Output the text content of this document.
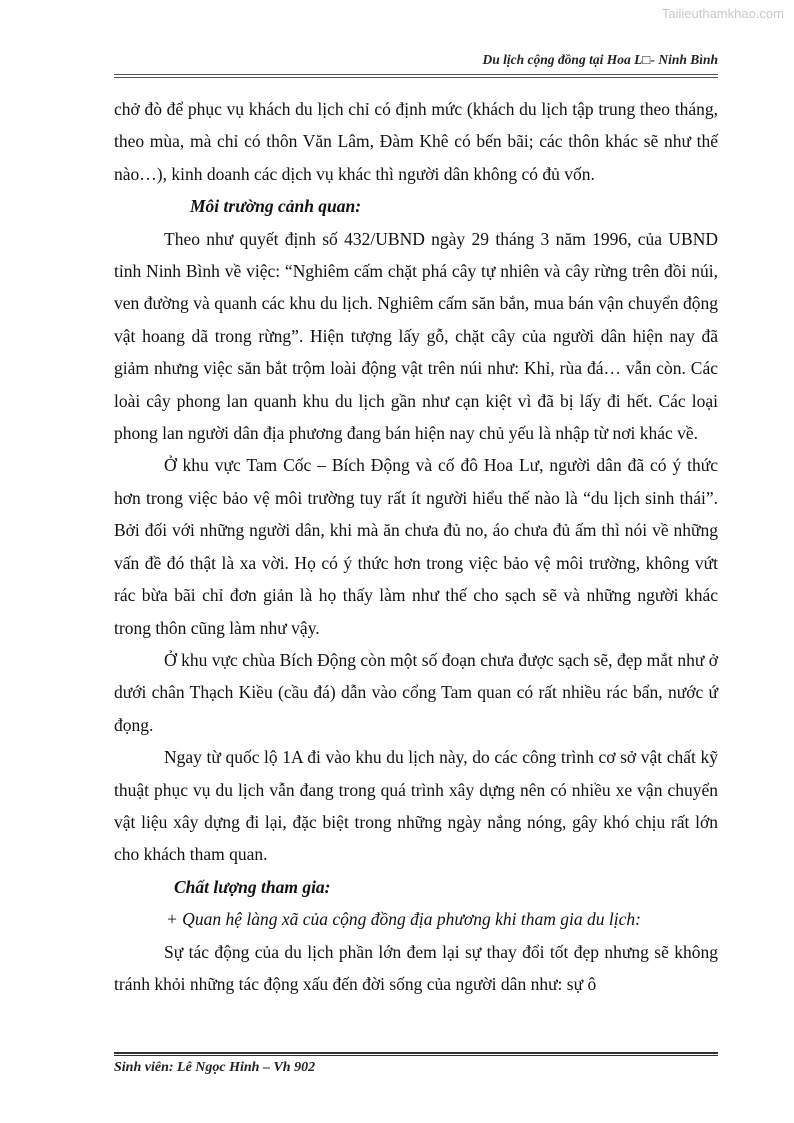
Tailieuthamkhao.com
Du lịch cộng đồng tại Hoa L□- Ninh Bình

chở đò để phục vụ khách du lịch chỉ có định mức (khách du lịch tập trung theo tháng, theo mùa, mà chỉ có thôn Văn Lâm, Đàm Khê có bến bãi; các thôn khác sẽ như thế nào…), kinh doanh các dịch vụ khác thì người dân không có đủ vốn.

Môi trường cảnh quan:

Theo như quyết định số 432/UBND ngày 29 tháng 3 năm 1996, của UBND tỉnh Ninh Bình về việc: “Nghiêm cấm chặt phá cây tự nhiên và cây rừng trên đồi núi, ven đường và quanh các khu du lịch. Nghiêm cấm săn bắn, mua bán vận chuyển động vật hoang dã trong rừng”. Hiện tượng lấy gỗ, chặt cây của người dân hiện nay đã giảm nhưng việc săn bắt trộm loài động vật trên núi như: Khỉ, rùa đá… vẫn còn. Các loài cây phong lan quanh khu du lịch gần như cạn kiệt vì đã bị lấy đi hết. Các loại phong lan người dân địa phương đang bán hiện nay chủ yếu là nhập từ nơi khác về.

Ở khu vực Tam Cốc – Bích Động và cố đô Hoa Lư, người dân đã có ý thức hơn trong việc bảo vệ môi trường tuy rất ít người hiểu thế nào là “du lịch sinh thái”. Bởi đối với những người dân, khi mà ăn chưa đủ no, áo chưa đủ ấm thì nói về những vấn đề đó thật là xa vời. Họ có ý thức hơn trong việc bảo vệ môi trường, không vứt rác bừa bãi chỉ đơn giản là họ thấy làm như thế cho sạch sẽ và những người khác trong thôn cũng làm như vậy.

Ở khu vực chùa Bích Động còn một số đoạn chưa được sạch sẽ, đẹp mắt như ở dưới chân Thạch Kiều (cầu đá) dẫn vào cổng Tam quan có rất nhiều rác bẩn, nước ứ đọng.

Ngay từ quốc lộ 1A đi vào khu du lịch này, do các công trình cơ sở vật chất kỹ thuật phục vụ du lịch vẫn đang trong quá trình xây dựng nên có nhiều xe vận chuyển vật liệu xây dựng đi lại, đặc biệt trong những ngày nắng nóng, gây khó chịu rất lớn cho khách tham quan.

Chất lượng tham gia:

+ Quan hệ làng xã của cộng đồng địa phương khi tham gia du lịch:

Sự tác động của du lịch phần lớn đem lại sự thay đổi tốt đẹp nhưng sẽ không tránh khỏi những tác động xấu đến đời sống của người dân như: sự ô

Sinh viên: Lê Ngọc Hinh – Vh 902
